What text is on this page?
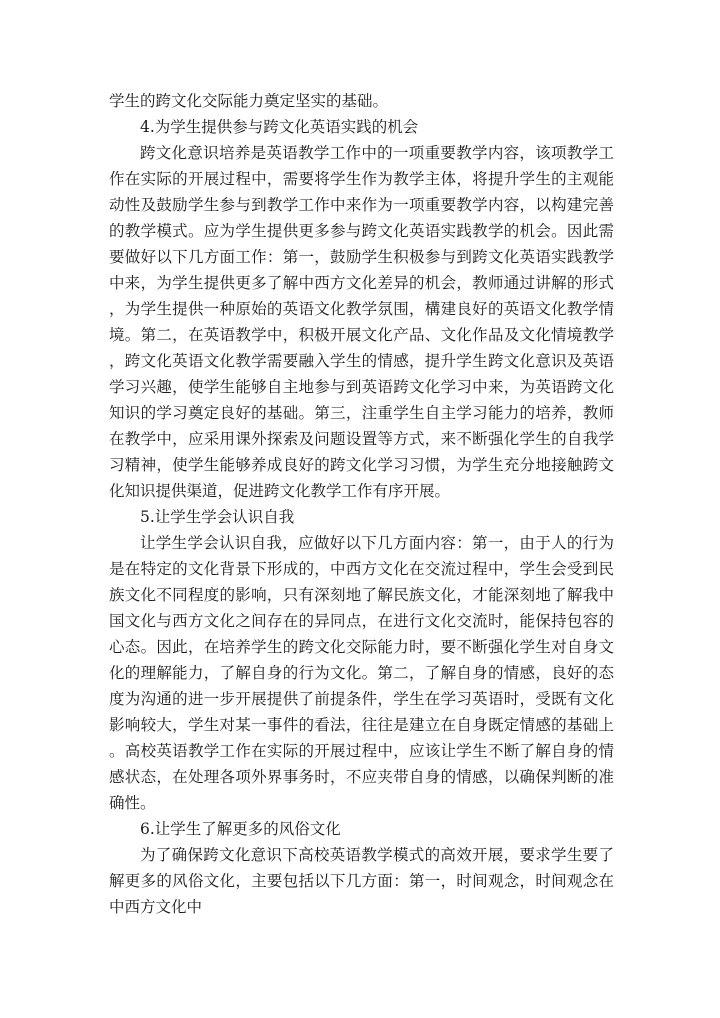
学生的跨文化交际能力奠定坚实的基础。

4.为学生提供参与跨文化英语实践的机会

跨文化意识培养是英语教学工作中的一项重要教学内容，该项教学工作在实际的开展过程中，需要将学生作为教学主体，将提升学生的主观能动性及鼓励学生参与到教学工作中来作为一项重要教学内容，以构建完善的教学模式。应为学生提供更多参与跨文化英语实践教学的机会。因此需要做好以下几方面工作：第一，鼓励学生积极参与到跨文化英语实践教学中来，为学生提供更多了解中西方文化差异的机会，教师通过讲解的形式，为学生提供一种原始的英语文化教学氛围，構建良好的英语文化教学情境。第二，在英语教学中，积极开展文化产品、文化作品及文化情境教学，跨文化英语文化教学需要融入学生的情感，提升学生跨文化意识及英语学习兴趣，使学生能够自主地参与到英语跨文化学习中来，为英语跨文化知识的学习奠定良好的基础。第三，注重学生自主学习能力的培养，教师在教学中，应采用课外探索及问题设置等方式，来不断强化学生的自我学习精神，使学生能够养成良好的跨文化学习习惯，为学生充分地接触跨文化知识提供渠道，促进跨文化教学工作有序开展。

5.让学生学会认识自我

让学生学会认识自我，应做好以下几方面内容：第一，由于人的行为是在特定的文化背景下形成的，中西方文化在交流过程中，学生会受到民族文化不同程度的影响，只有深刻地了解民族文化，才能深刻地了解我中国文化与西方文化之间存在的异同点，在进行文化交流时，能保持包容的心态。因此，在培养学生的跨文化交际能力时，要不断强化学生对自身文化的理解能力，了解自身的行为文化。第二，了解自身的情感，良好的态度为沟通的进一步开展提供了前提条件，学生在学习英语时，受既有文化影响较大，学生对某一事件的看法，往往是建立在自身既定情感的基础上。高校英语教学工作在实际的开展过程中，应该让学生不断了解自身的情感状态，在处理各项外界事务时，不应夹带自身的情感，以确保判断的准确性。

6.让学生了解更多的风俗文化

为了确保跨文化意识下高校英语教学模式的高效开展，要求学生要了解更多的风俗文化，主要包括以下几方面：第一，时间观念，时间观念在中西方文化中
